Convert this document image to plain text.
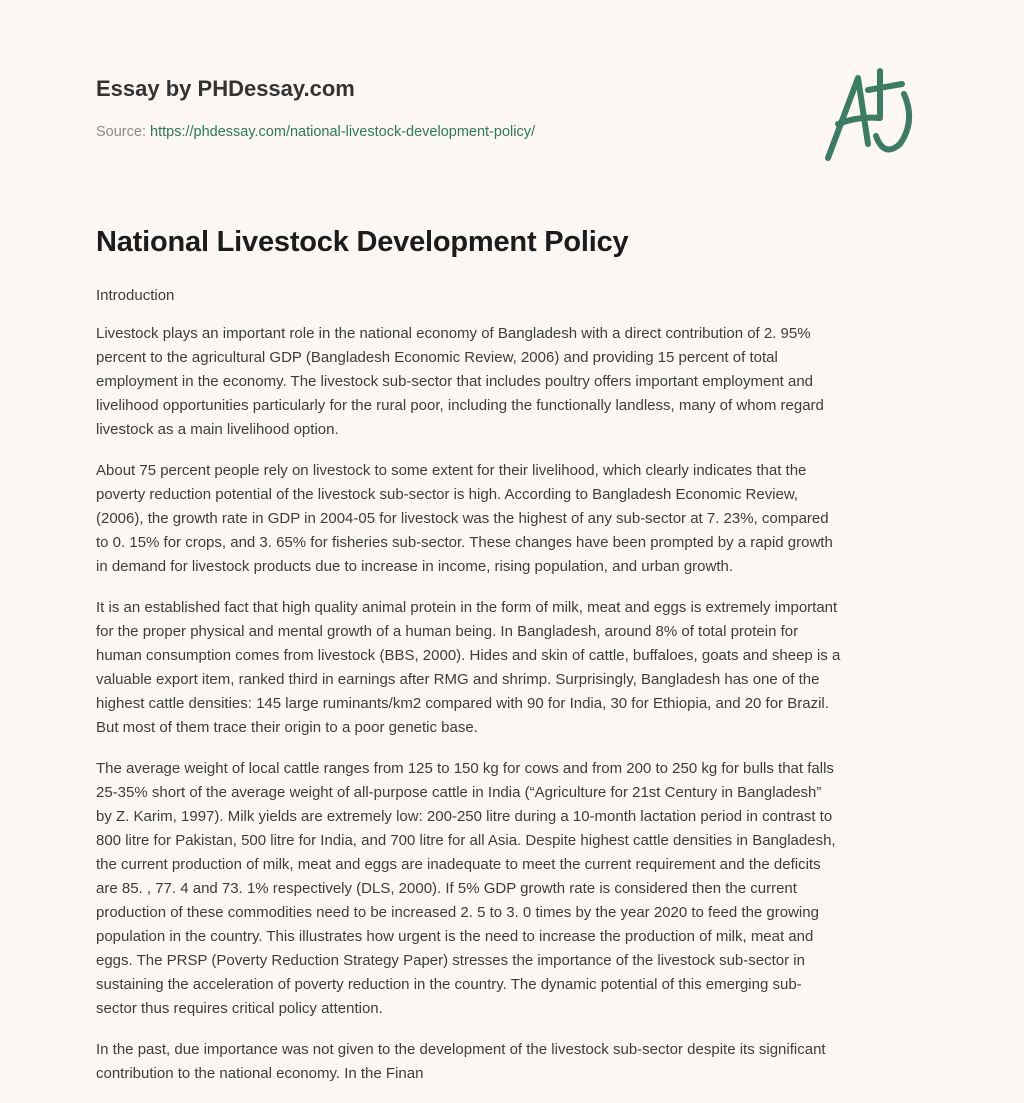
Essay by PHDessay.com
Source: https://phdessay.com/national-livestock-development-policy/
National Livestock Development Policy
Introduction

Livestock plays an important role in the national economy of Bangladesh with a direct contribution of 2. 95%
percent to the agricultural GDP (Bangladesh Economic Review, 2006) and providing 15 percent of total
employment in the economy. The livestock sub-sector that includes poultry offers important employment and
livelihood opportunities particularly for the rural poor, including the functionally landless, many of whom regard
livestock as a main livelihood option.

About 75 percent people rely on livestock to some extent for their livelihood, which clearly indicates that the
poverty reduction potential of the livestock sub-sector is high. According to Bangladesh Economic Review,
(2006), the growth rate in GDP in 2004-05 for livestock was the highest of any sub-sector at 7. 23%, compared
to 0. 15% for crops, and 3. 65% for fisheries sub-sector. These changes have been prompted by a rapid growth
in demand for livestock products due to increase in income, rising population, and urban growth.

It is an established fact that high quality animal protein in the form of milk, meat and eggs is extremely important
for the proper physical and mental growth of a human being. In Bangladesh, around 8% of total protein for
human consumption comes from livestock (BBS, 2000). Hides and skin of cattle, buffaloes, goats and sheep is a
valuable export item, ranked third in earnings after RMG and shrimp. Surprisingly, Bangladesh has one of the
highest cattle densities: 145 large ruminants/km2 compared with 90 for India, 30 for Ethiopia, and 20 for Brazil.
But most of them trace their origin to a poor genetic base.

The average weight of local cattle ranges from 125 to 150 kg for cows and from 200 to 250 kg for bulls that falls
25-35% short of the average weight of all-purpose cattle in India (“Agriculture for 21st Century in Bangladesh”
by Z. Karim, 1997). Milk yields are extremely low: 200-250 litre during a 10-month lactation period in contrast to
800 litre for Pakistan, 500 litre for India, and 700 litre for all Asia. Despite highest cattle densities in Bangladesh,
the current production of milk, meat and eggs are inadequate to meet the current requirement and the deficits
are 85. , 77. 4 and 73. 1% respectively (DLS, 2000). If 5% GDP growth rate is considered then the current
production of these commodities need to be increased 2. 5 to 3. 0 times by the year 2020 to feed the growing
population in the country. This illustrates how urgent is the need to increase the production of milk, meat and
eggs. The PRSP (Poverty Reduction Strategy Paper) stresses the importance of the livestock sub-sector in
sustaining the acceleration of poverty reduction in the country. The dynamic potential of this emerging sub-
sector thus requires critical policy attention.

In the past, due importance was not given to the development of the livestock sub-sector despite its significant
contribution to the national economy. In the Finan
